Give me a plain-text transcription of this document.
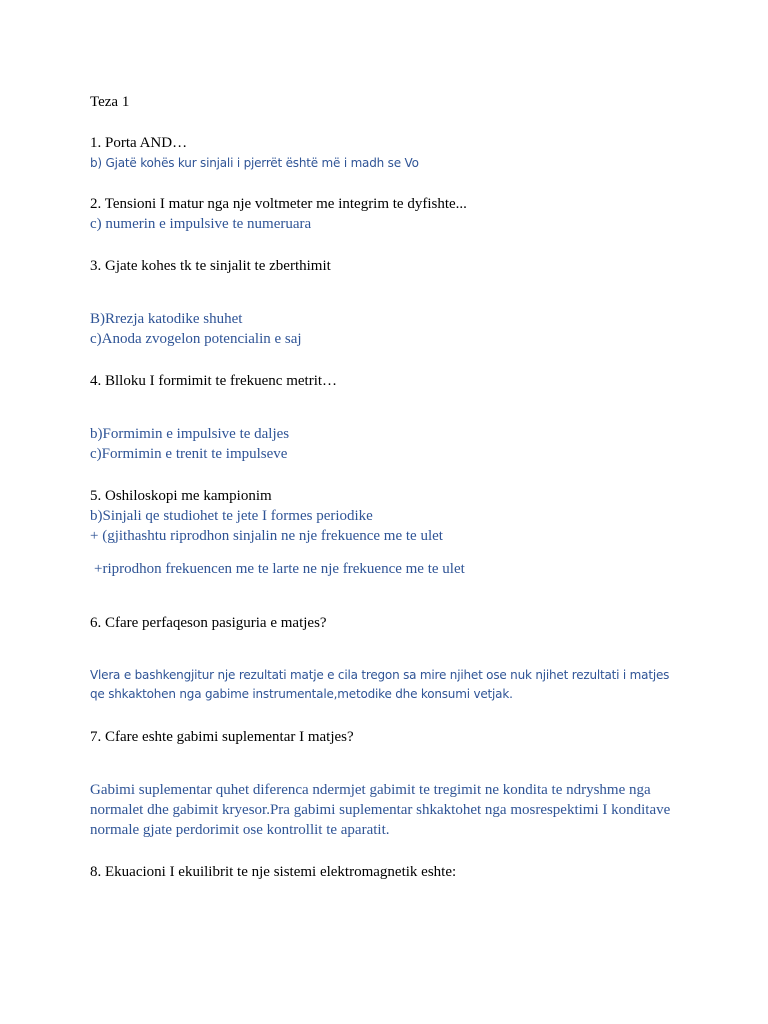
Teza 1
1. Porta AND…
b) Gjatë kohës kur sinjali i pjerrët është më i madh se Vo
2. Tensioni I matur nga nje voltmeter me integrim te dyfishte...
c) numerin e impulsive te numeruara
3. Gjate kohes tk te sinjalit te zberthimit
B)Rrezja katodike shuhet
c)Anoda zvogelon potencialin e saj
4. Blloku I formimit te frekuenc metrit…
b)Formimin e impulsive te daljes
c)Formimin e trenit te impulseve
5. Oshiloskopi me kampionim
b)Sinjali qe studiohet te jete I formes periodike
+ (gjithashtu riprodhon sinjalin ne nje frekuence me te ulet
+riprodhon frekuencen me te larte ne nje frekuence me te ulet
6. Cfare perfaqeson pasiguria e matjes?
Vlera e bashkengjitur nje rezultati matje e cila tregon sa mire njihet ose nuk njihet rezultati i matjes qe shkaktohen nga gabime instrumentale,metodike dhe konsumi vetjak.
7. Cfare eshte gabimi suplementar I matjes?
Gabimi suplementar quhet diferenca ndermjet gabimit te tregimit ne kondita te ndryshme nga normalet dhe gabimit kryesor.Pra gabimi suplementar shkaktohet nga mosrespektimi I konditave normale gjate perdorimit ose kontrollit te aparatit.
8. Ekuacioni I ekuilibrit te nje sistemi elektromagnetik eshte:
